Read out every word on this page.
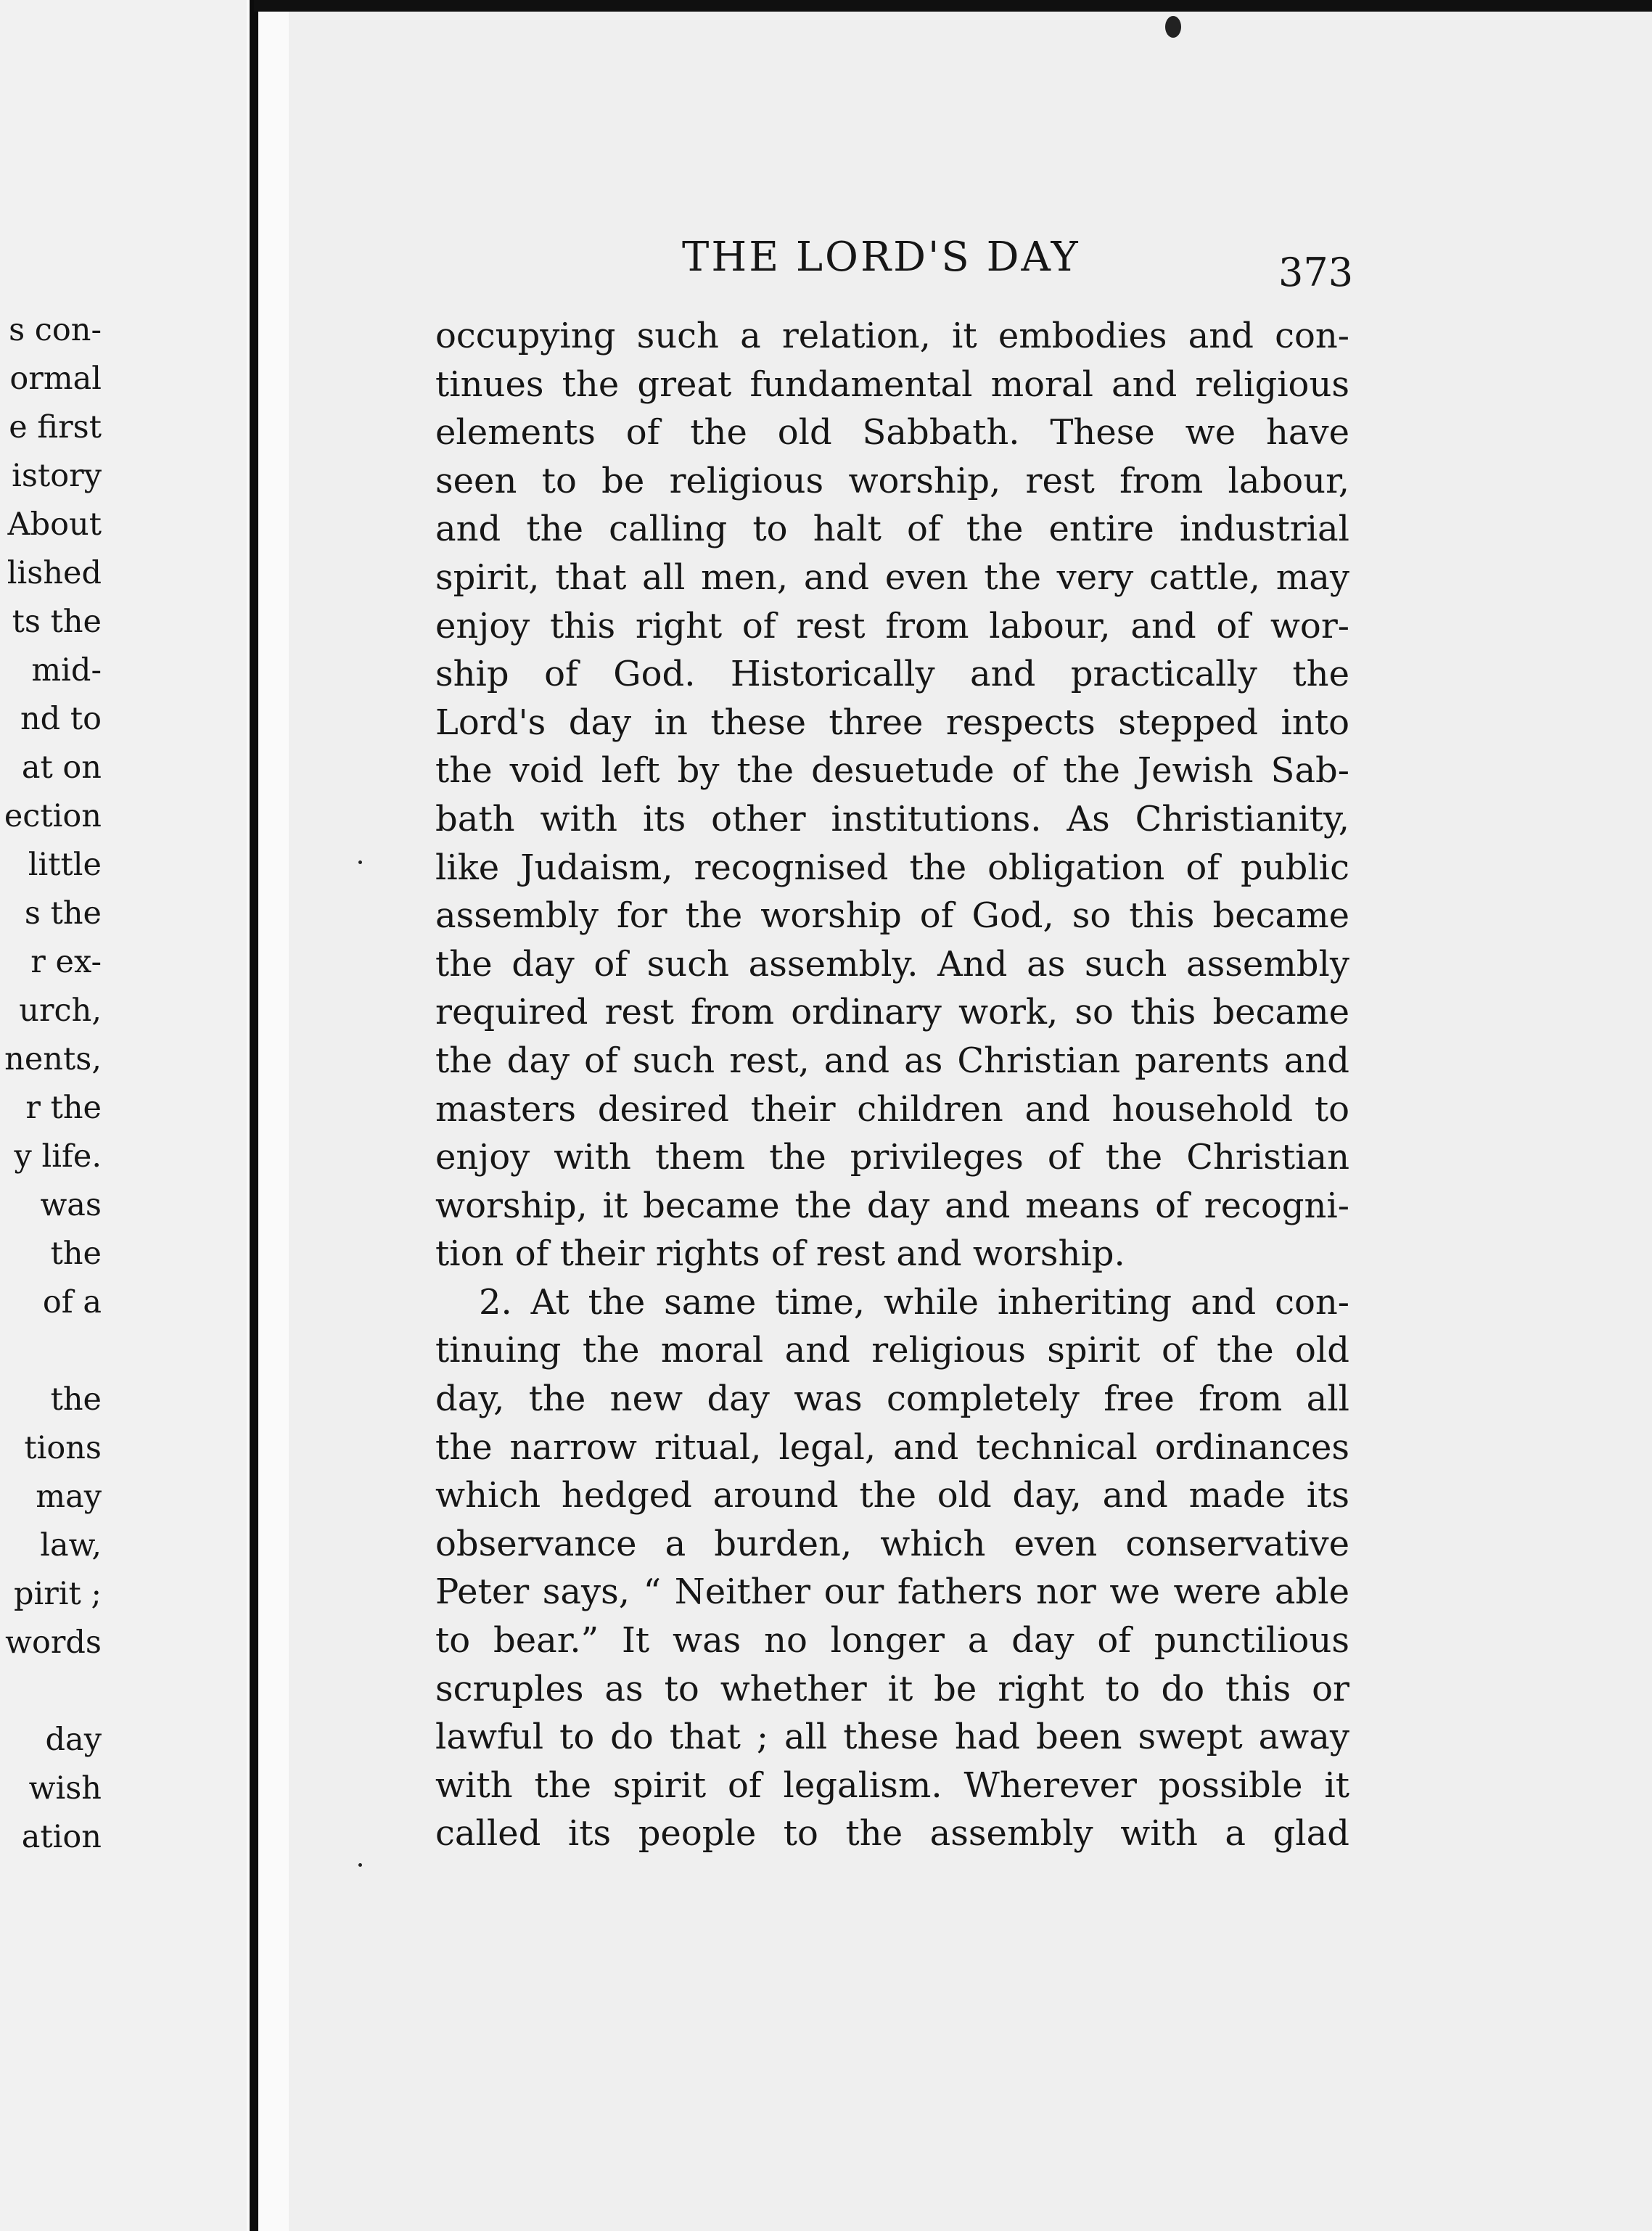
s con-
ormal
e first
istory
About
lished
ts the
mid-
nd to
at on
ection
little
s the
r ex-
urch,
nents,
r the
y life.
was
the
of a
the
tions
may
law,
pirit ;
words
day
wish
ation
THE LORD'S DAY	373
occupying such a relation, it embodies and con-
tinues the great fundamental moral and religious
elements of the old Sabbath. These we have
seen to be religious worship, rest from labour,
and the calling to halt of the entire industrial
spirit, that all men, and even the very cattle, may
enjoy this right of rest from labour, and of wor-
ship of God. Historically and practically the
Lord's day in these three respects stepped into
the void left by the desuetude of the Jewish Sab-
bath with its other institutions. As Christianity,
like Judaism, recognised the obligation of public
assembly for the worship of God, so this became
the day of such assembly. And as such assembly
required rest from ordinary work, so this became
the day of such rest, and as Christian parents and
masters desired their children and household to
enjoy with them the privileges of the Christian
worship, it became the day and means of recogni-
tion of their rights of rest and worship.
2. At the same time, while inheriting and con-
tinuing the moral and religious spirit of the old
day, the new day was completely free from all
the narrow ritual, legal, and technical ordinances
which hedged around the old day, and made its
observance a burden, which even conservative
Peter says, “ Neither our fathers nor we were able
to bear.” It was no longer a day of punctilious
scruples as to whether it be right to do this or
lawful to do that ; all these had been swept away
with the spirit of legalism. Wherever possible it
called its people to the assembly with a glad
